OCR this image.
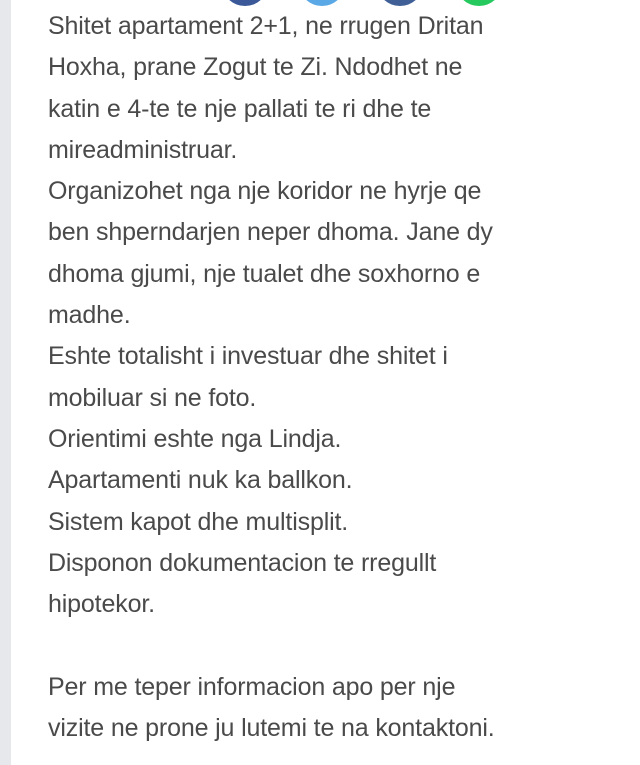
Shitet apartament 2+1, ne rrugen Dritan

Hoxha, prane Zogut te Zi. Ndodhet ne

katin e 4-te te nje pallati te ri dhe te

mireadministruar.

Organizohet nga nje koridor ne hyrje qe

ben shperndarjen neper dhoma. Jane dy

dhoma gjumi, nje tualet dhe soxhorno e

madhe.

Eshte totalisht i investuar dhe shitet i

mobiluar si ne foto.

Orientimi eshte nga Lindja.

Apartamenti nuk ka ballkon.

Sistem kapot dhe multisplit.

Disponon dokumentacion te rregullt

hipotekor.

Per me teper informacion apo per nje

vizite ne prone ju lutemi te na kontaktoni.
